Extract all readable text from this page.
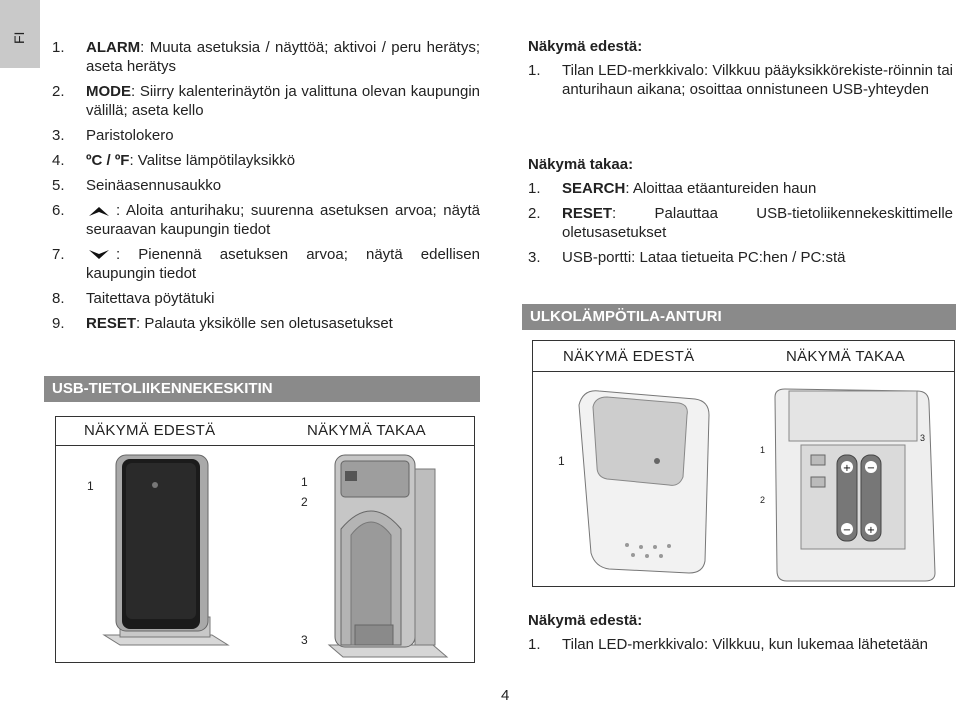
FI
1. ALARM: Muuta asetuksia / näyttöä; aktivoi / peru herätys; aseta herätys
2. MODE: Siirry kalenterinäytön ja valittuna olevan kaupungin välillä; aseta kello
3. Paristolokero
4. ºC / ºF: Valitse lämpötilayksikkö
5. Seinäasennusaukko
6.	: Aloita anturihaku; suurenna asetuksen arvoa; näytä seuraavan kaupungin tiedot
7.	: Pienennä asetuksen arvoa; näytä edellisen kaupungin tiedot
8. Taitettava pöytätuki
9. RESET: Palauta yksikölle sen oletusasetukset
USB-TIETOLIIKENNEKESKITIN
NÄKYMÄ EDESTÄ	NÄKYMÄ TAKAA
1	1
2
3
Näkymä edestä:
1. Tilan LED-merkkivalo: Vilkkuu pääyksikkörekiste-röinnin tai anturihaun aikana; osoittaa onnistuneen USB-yhteyden
Näkymä takaa:
1. SEARCH: Aloittaa etäantureiden haun
2. RESET: Palauttaa USB-tietoliikennekeskittimelle oletusasetukset
3. USB-portti: Lataa tietueita PC:hen / PC:stä
ULKOLÄMPÖTILA-ANTURI
NÄKYMÄ EDESTÄ	NÄKYMÄ TAKAA
1
+ −
− +
1
2
3
Näkymä edestä:
1. Tilan LED-merkkivalo: Vilkkuu, kun lukemaa lähetetään
4
